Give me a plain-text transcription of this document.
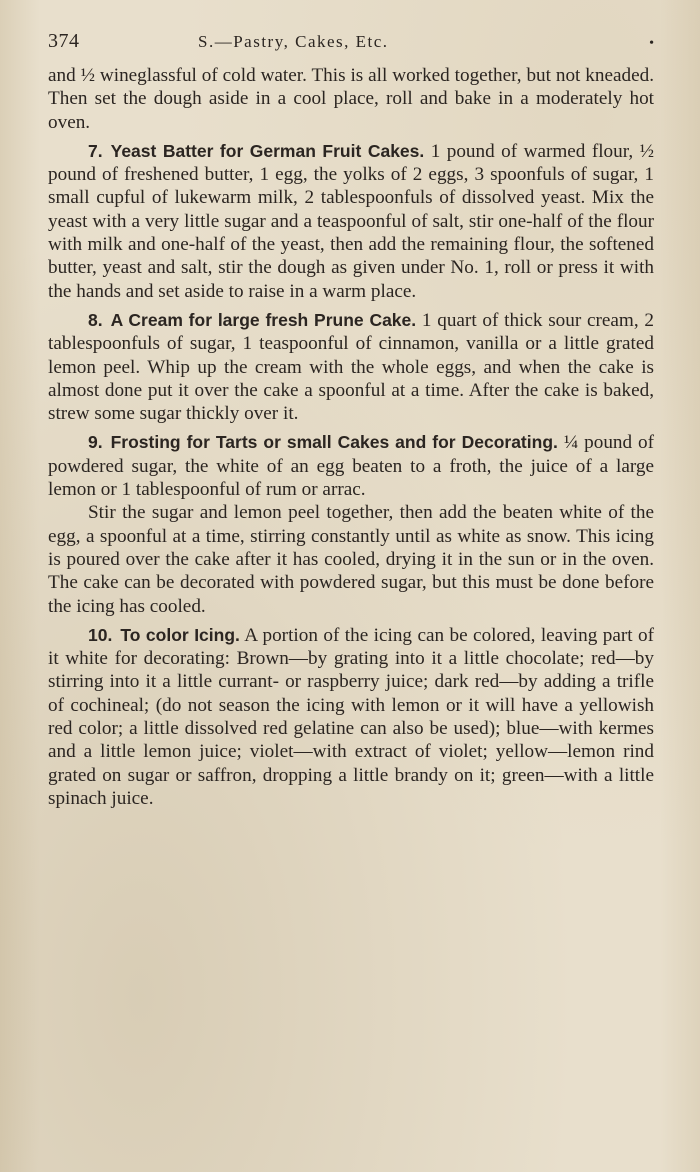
374	S.—Pastry, Cakes, Etc.	•

and ½ wineglassful of cold water. This is all worked together, but not kneaded. Then set the dough aside in a cool place, roll and bake in a moderately hot oven.

7. Yeast Batter for German Fruit Cakes. 1 pound of warmed flour, ½ pound of freshened butter, 1 egg, the yolks of 2 eggs, 3 spoonfuls of sugar, 1 small cupful of lukewarm milk, 2 tablespoonfuls of dissolved yeast. Mix the yeast with a very little sugar and a teaspoonful of salt, stir one-half of the flour with milk and one-half of the yeast, then add the remaining flour, the softened butter, yeast and salt, stir the dough as given under No. 1, roll or press it with the hands and set aside to raise in a warm place.

8. A Cream for large fresh Prune Cake. 1 quart of thick sour cream, 2 tablespoonfuls of sugar, 1 teaspoonful of cinnamon, vanilla or a little grated lemon peel. Whip up the cream with the whole eggs, and when the cake is almost done put it over the cake a spoonful at a time. After the cake is baked, strew some sugar thickly over it.

9. Frosting for Tarts or small Cakes and for Decorating. ¼ pound of powdered sugar, the white of an egg beaten to a froth, the juice of a large lemon or 1 tablespoonful of rum or arrac.

Stir the sugar and lemon peel together, then add the beaten white of the egg, a spoonful at a time, stirring constantly until as white as snow. This icing is poured over the cake after it has cooled, drying it in the sun or in the oven. The cake can be decorated with powdered sugar, but this must be done before the icing has cooled.

10. To color Icing. A portion of the icing can be colored, leaving part of it white for decorating: Brown—by grating into it a little chocolate; red—by stirring into it a little currant- or raspberry juice; dark red—by adding a trifle of cochineal; (do not season the icing with lemon or it will have a yellowish red color; a little dissolved red gelatine can also be used); blue—with kermes and a little lemon juice; violet—with extract of violet; yellow—lemon rind grated on sugar or saffron, dropping a little brandy on it; green—with a little spinach juice.
